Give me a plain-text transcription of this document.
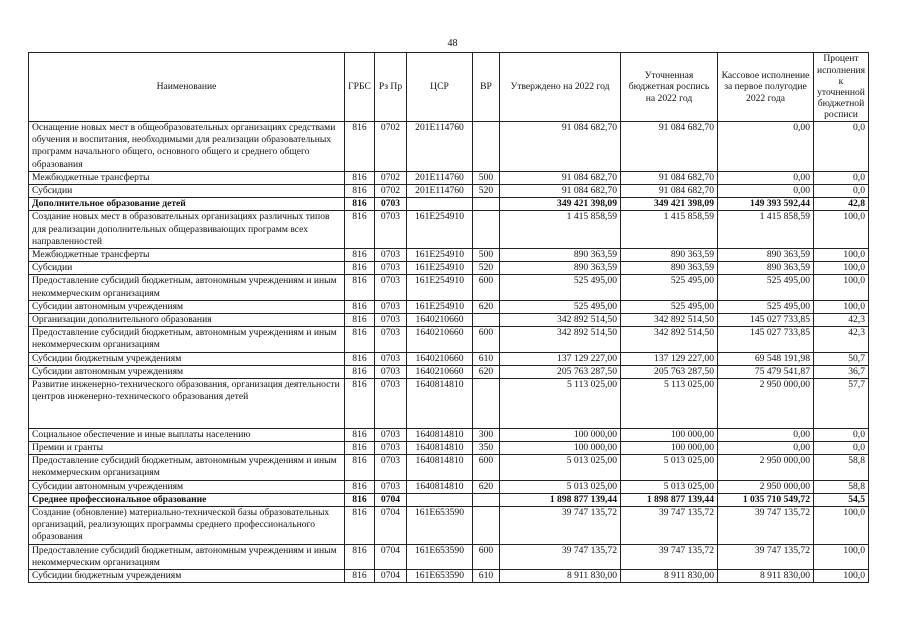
48
Наименование	ГРБС	Рз Пр	ЦСР	ВР	Утверждено на 2022 год	Уточненная бюджетная роспись на 2022 год	Кассовое исполнение за первое полугодие 2022 года	Процент исполнения к уточненной бюджетной росписи
Оснащение новых мест в общеобразовательных организациях средствами обучения и воспитания, необходимыми для реализации образовательных программ начального общего, основного общего и среднего общего образования	816	0702	201E114760		91 084 682,70	91 084 682,70	0,00	0,0
Межбюджетные трансферты	816	0702	201E114760	500	91 084 682,70	91 084 682,70	0,00	0,0
Субсидии	816	0702	201E114760	520	91 084 682,70	91 084 682,70	0,00	0,0
Дополнительное образование детей	816	0703			349 421 398,09	349 421 398,09	149 393 592,44	42,8
Создание новых мест в образовательных организациях различных типов для реализации дополнительных общеразвивающих программ всех направленностей	816	0703	161E254910		1 415 858,59	1 415 858,59	1 415 858,59	100,0
Межбюджетные трансферты	816	0703	161E254910	500	890 363,59	890 363,59	890 363,59	100,0
Субсидии	816	0703	161E254910	520	890 363,59	890 363,59	890 363,59	100,0
Предоставление субсидий бюджетным, автономным учреждениям и иным некоммерческим организациям	816	0703	161E254910	600	525 495,00	525 495,00	525 495,00	100,0
Субсидии автономным учреждениям	816	0703	161E254910	620	525 495,00	525 495,00	525 495,00	100,0
Организации дополнительного образования	816	0703	1640210660		342 892 514,50	342 892 514,50	145 027 733,85	42,3
Предоставление субсидий бюджетным, автономным учреждениям и иным некоммерческим организациям	816	0703	1640210660	600	342 892 514,50	342 892 514,50	145 027 733,85	42,3
Субсидии бюджетным учреждениям	816	0703	1640210660	610	137 129 227,00	137 129 227,00	69 548 191,98	50,7
Субсидии автономным учреждениям	816	0703	1640210660	620	205 763 287,50	205 763 287,50	75 479 541,87	36,7
Развитие инженерно-технического образования, организация деятельности центров инженерно-технического образования детей	816	0703	1640814810		5 113 025,00	5 113 025,00	2 950 000,00	57,7
Социальное обеспечение и иные выплаты населению	816	0703	1640814810	300	100 000,00	100 000,00	0,00	0,0
Премии и гранты	816	0703	1640814810	350	100 000,00	100 000,00	0,00	0,0
Предоставление субсидий бюджетным, автономным учреждениям и иным некоммерческим организациям	816	0703	1640814810	600	5 013 025,00	5 013 025,00	2 950 000,00	58,8
Субсидии автономным учреждениям	816	0703	1640814810	620	5 013 025,00	5 013 025,00	2 950 000,00	58,8
Среднее профессиональное образование	816	0704			1 898 877 139,44	1 898 877 139,44	1 035 710 549,72	54,5
Создание (обновление) материально-технической базы образовательных организаций, реализующих программы среднего профессионального образования	816	0704	161E653590		39 747 135,72	39 747 135,72	39 747 135,72	100,0
Предоставление субсидий бюджетным, автономным учреждениям и иным некоммерческим организациям	816	0704	161E653590	600	39 747 135,72	39 747 135,72	39 747 135,72	100,0
Субсидии бюджетным учреждениям	816	0704	161E653590	610	8 911 830,00	8 911 830,00	8 911 830,00	100,0
